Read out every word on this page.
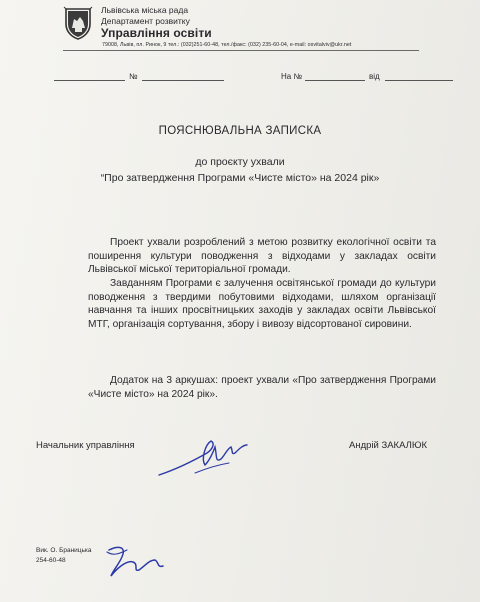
Львівська міська рада
Департамент розвитку
Управління освіти
79008, Львів, пл. Ринок, 9 тел.: (032)251-60-48, тел./факс: (032) 235-60-04, e-mail: osvitalviv@ukr.net
№	На №	від
ПОЯСНЮВАЛЬНА ЗАПИСКА
до проєкту ухвали
“Про затвердження Програми «Чисте місто» на 2024 рік»
Проект ухвали розроблений з метою розвитку екологічної освіти та поширення культури поводження з відходами у закладах освіти Львівської міської територіальної громади.
Завданням Програми є залучення освітянської громади до культури поводження з твердими побутовими відходами, шляхом організації навчання та інших просвітницьких заходів у закладах освіти Львівської МТГ, організація сортування, збору і вивозу відсортованої сировини.
Додаток на 3 аркушах: проект ухвали «Про затвердження Програми «Чисте місто» на 2024 рік».
Начальник управління	Андрій ЗАКАЛЮК
Вик. О. Браницька
254-60-48
